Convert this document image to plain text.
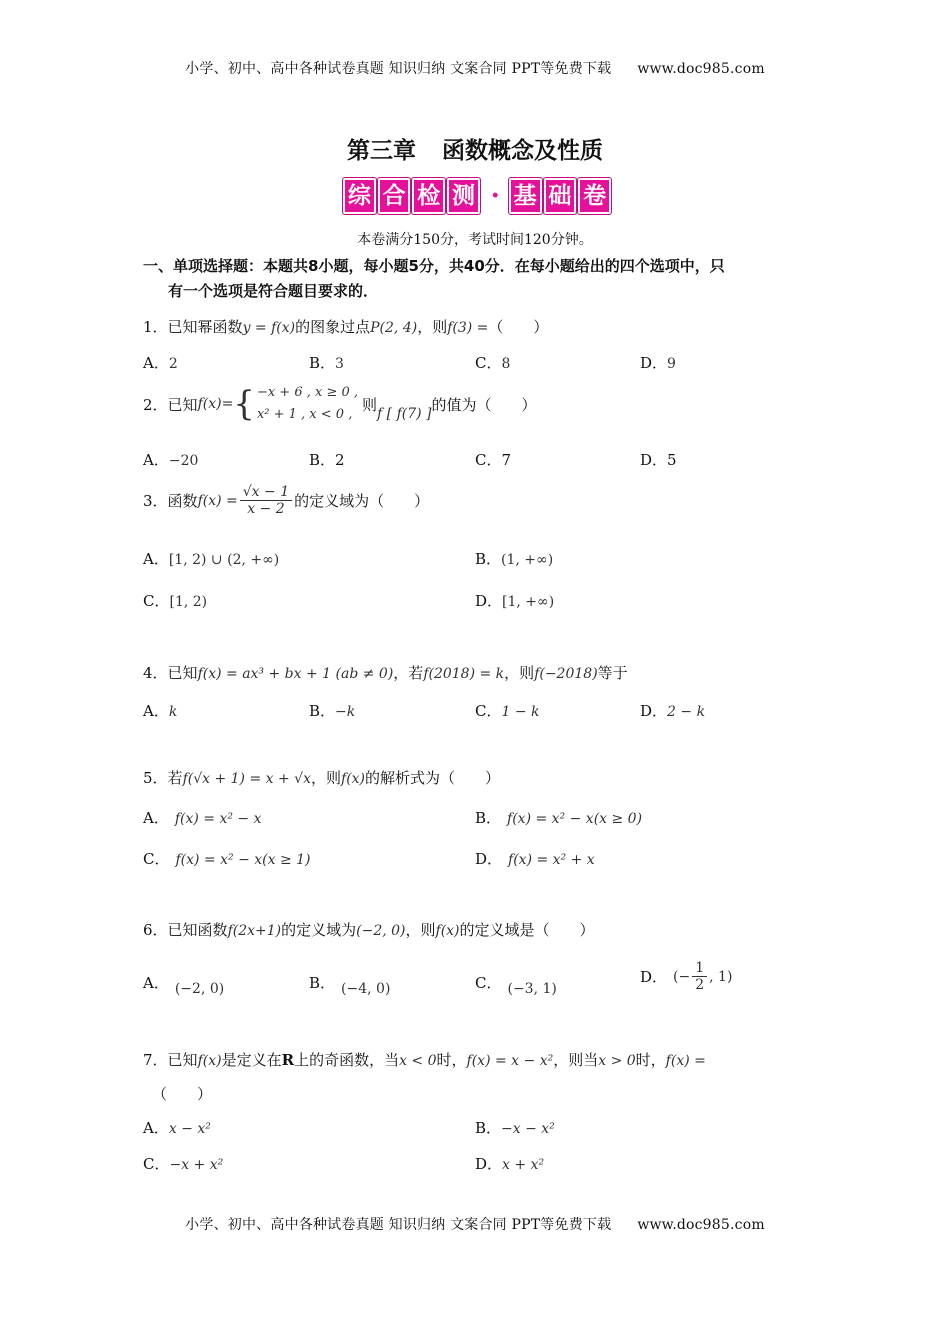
小学、初中、高中各种试卷真题 知识归纳 文案合同 PPT等免费下载 www.doc985.com
第三章 函数概念及性质
综 合 检 测 · 基 础 卷
本卷满分150分，考试时间120分钟。
一、单项选择题：本题共8小题，每小题5分，共40分．在每小题给出的四个选项中，只
有一个选项是符合题目要求的．
1．已知幂函数y = f(x)的图象过点P(2, 4)，则f(3) =（　　）
A．2	B．3	C．8	D．9
2． 已知 f(x)= { −x + 6 , x ≥ 0 ,
x² + 1 , x < 0 ,
则
f [ f(7) ]
的值为（　　）
A．−20	B．2	C．7	D．5
3． 函数 $f(x) = \frac{√x - 1}{x - 2}$ 的定义域为（　　）
A．[1, 2) ∪ (2, +∞)	B．(1, +∞)
C．[1, 2)	D．[1, +∞)
4．已知f(x) = ax³ + bx + 1 (ab ≠ 0)，若f(2018) = k，则f(−2018)等于
A．k	B．−k	C．1 − k	D．2 − k
5．若f(√x + 1) = x + √x，则f(x)的解析式为（　　）
A． f(x) = x² − x	B． f(x) = x² − x(x ≥ 0)
C． f(x) = x² − x(x ≥ 1)	D． f(x) = x² + x
6．已知函数f(2x+1)的定义域为(−2, 0)，则f(x)的定义域是（　　）
A． (−2, 0)	B． (−4, 0)	C． (−3, 1)
D． (− $\frac{1}{2}$ , 1)
7．已知f(x)是定义在R上的奇函数，当x < 0时，f(x) = x − x²，则当x > 0时，f(x) =
（　　）
A．x − x²	B．−x − x²
C．−x + x²	D．x + x²
小学、初中、高中各种试卷真题 知识归纳 文案合同 PPT等免费下载 www.doc985.com
